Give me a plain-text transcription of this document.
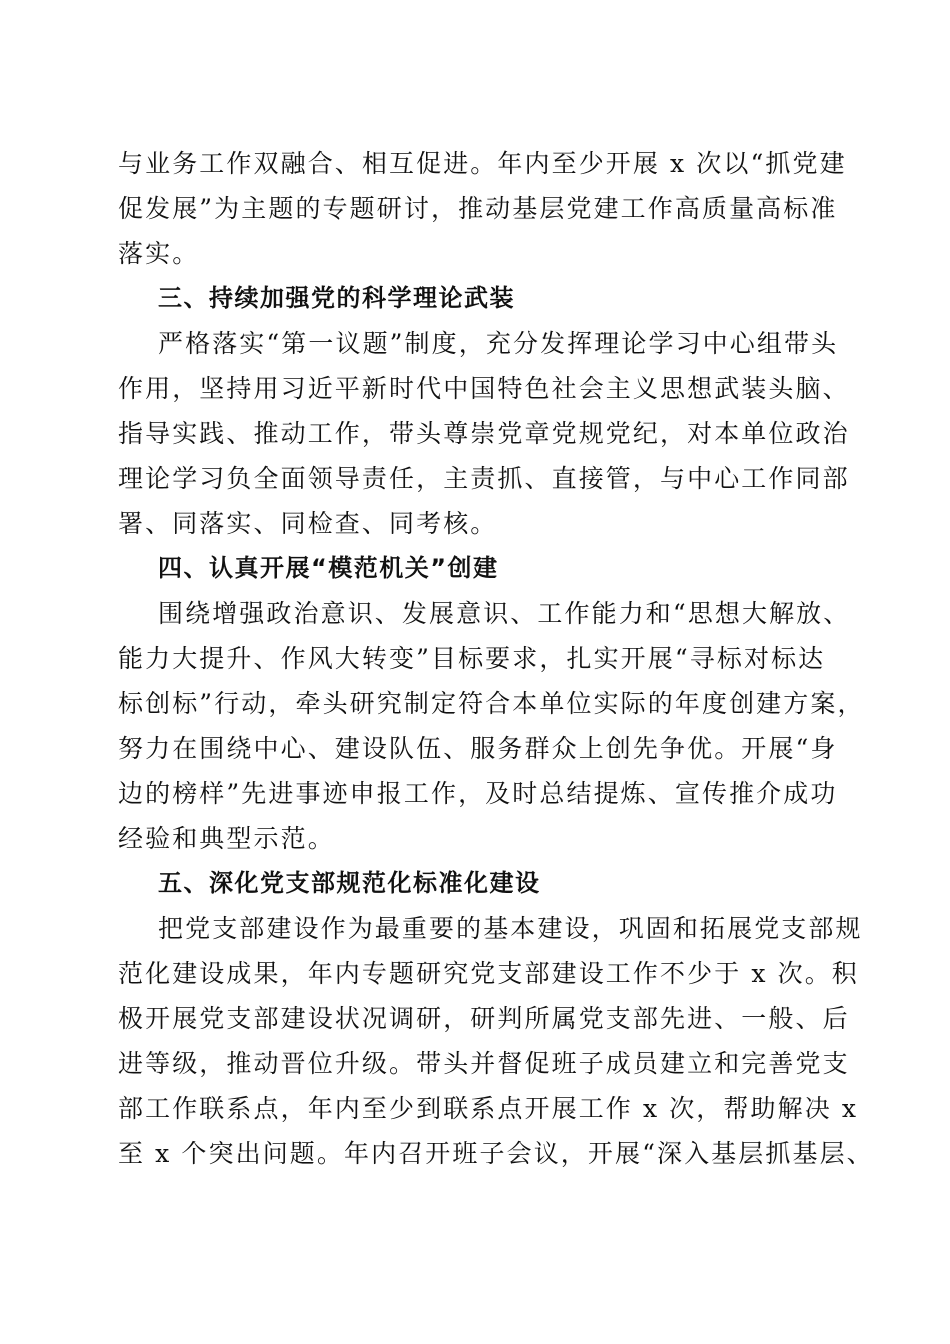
与业务工作双融合、相互促进。年内至少开展 x 次以“抓党建
促发展”为主题的专题研讨，推动基层党建工作高质量高标准
落实。
三、持续加强党的科学理论武装
严格落实“第一议题”制度，充分发挥理论学习中心组带头
作用，坚持用习近平新时代中国特色社会主义思想武装头脑、
指导实践、推动工作，带头尊崇党章党规党纪，对本单位政治
理论学习负全面领导责任，主责抓、直接管，与中心工作同部
署、同落实、同检查、同考核。
四、认真开展“模范机关”创建
围绕增强政治意识、发展意识、工作能力和“思想大解放、
能力大提升、作风大转变”目标要求，扎实开展“寻标对标达
标创标”行动，牵头研究制定符合本单位实际的年度创建方案，
努力在围绕中心、建设队伍、服务群众上创先争优。开展“身
边的榜样”先进事迹申报工作，及时总结提炼、宣传推介成功
经验和典型示范。
五、深化党支部规范化标准化建设
把党支部建设作为最重要的基本建设，巩固和拓展党支部规
范化建设成果，年内专题研究党支部建设工作不少于 x 次。积
极开展党支部建设状况调研，研判所属党支部先进、一般、后
进等级，推动晋位升级。带头并督促班子成员建立和完善党支
部工作联系点，年内至少到联系点开展工作 x 次，帮助解决 x
至 x 个突出问题。年内召开班子会议，开展“深入基层抓基层、
